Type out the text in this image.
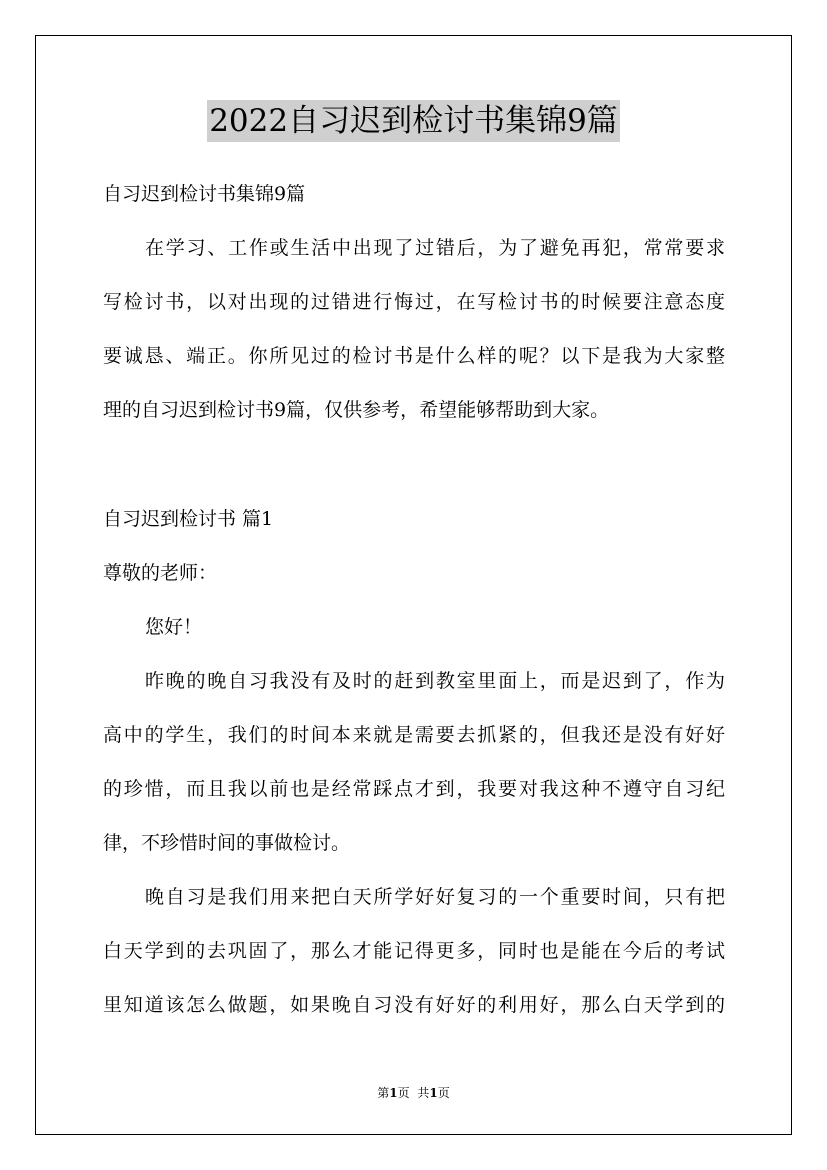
2022自习迟到检讨书集锦9篇
自习迟到检讨书集锦9篇
在学习、工作或生活中出现了过错后，为了避免再犯，常常要求
写检讨书，以对出现的过错进行悔过，在写检讨书的时候要注意态度
要诚恳、端正。你所见过的检讨书是什么样的呢？以下是我为大家整
理的自习迟到检讨书9篇，仅供参考，希望能够帮助到大家。
自习迟到检讨书 篇1
尊敬的老师：
您好！
昨晚的晚自习我没有及时的赶到教室里面上，而是迟到了，作为
高中的学生，我们的时间本来就是需要去抓紧的，但我还是没有好好
的珍惜，而且我以前也是经常踩点才到，我要对我这种不遵守自习纪
律，不珍惜时间的事做检讨。
晚自习是我们用来把白天所学好好复习的一个重要时间，只有把
白天学到的去巩固了，那么才能记得更多，同时也是能在今后的考试
里知道该怎么做题，如果晚自习没有好好的利用好，那么白天学到的
第1页 共1页
